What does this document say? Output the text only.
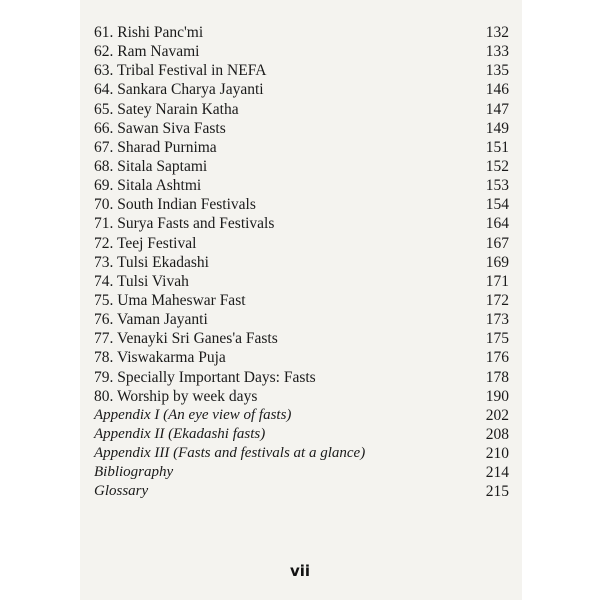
61. Rishi Panc'mi	132
62. Ram Navami	133
63. Tribal Festival in NEFA	135
64. Sankara Charya Jayanti	146
65. Satey Narain Katha	147
66. Sawan Siva Fasts	149
67. Sharad Purnima	151
68. Sitala Saptami	152
69. Sitala Ashtmi	153
70. South Indian Festivals	154
71. Surya Fasts and Festivals	164
72. Teej Festival	167
73. Tulsi Ekadashi	169
74. Tulsi Vivah	171
75. Uma Maheswar Fast	172
76. Vaman Jayanti	173
77. Venayki Sri Ganes'a Fasts	175
78. Viswakarma Puja	176
79. Specially Important Days: Fasts	178
80. Worship by week days	190
Appendix I (An eye view of fasts)	202
Appendix II (Ekadashi fasts)	208
Appendix III (Fasts and festivals at a glance)	210
Bibliography	214
Glossary	215
vii
